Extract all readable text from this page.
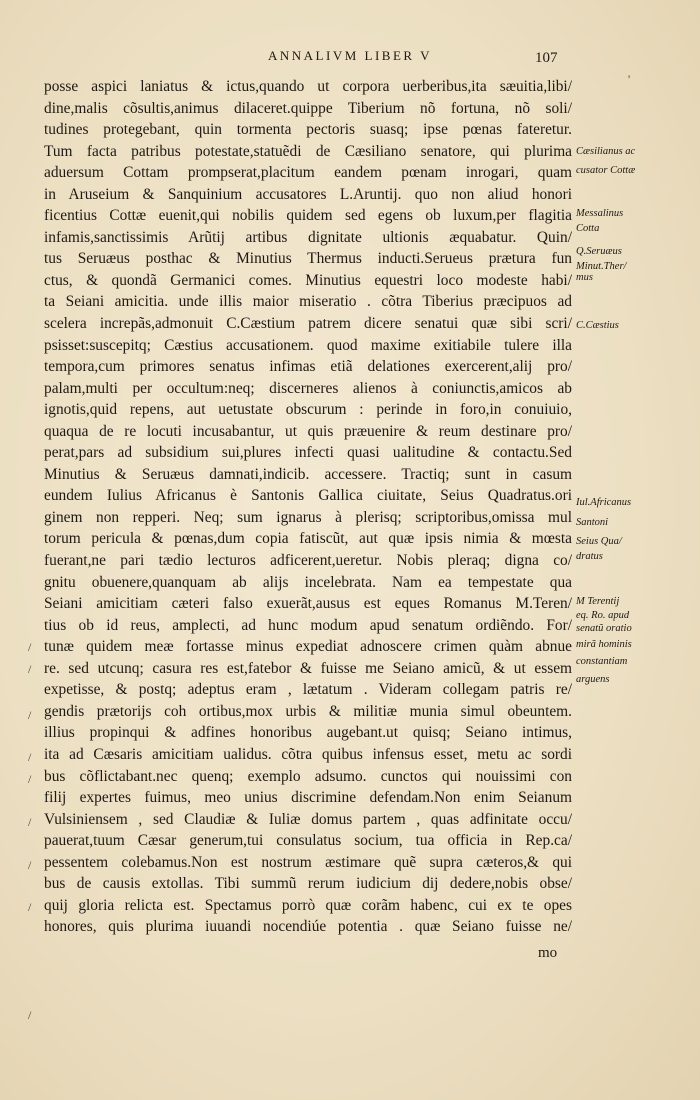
ANNALIVM LIBER V	107
'
posse aspici laniatus & ictus,quando ut corpora uerberibus,ita sæuitia,libi/
dine,malis cõsultis,animus dilaceret.quippe Tiberium nõ fortuna, nõ soli/
tudines protegebant, quin tormenta pectoris suasq; ipse pœnas fateretur.
Tum facta patribus potestate,statuẽdi de Cæsiliano senatore, qui plurima
aduersum Cottam prompserat,placitum eandem pœnam inrogari, quam
in Aruseium & Sanquinium accusatores L.Aruntij. quo non aliud honori
ficentius Cottæ euenit,qui nobilis quidem sed egens ob luxum,per flagitia
infamis,sanctissimis Arũtij artibus dignitate ultionis æquabatur. Quin/
tus Seruæus posthac & Minutius Thermus inducti.Serueus prætura fun
ctus, & quondã Germanici comes. Minutius equestri loco modeste habi/
ta Seiani amicitia. unde illis maior miseratio . cõtra Tiberius præcipuos ad
scelera increpãs,admonuit C.Cæstium patrem dicere senatui quæ sibi scri/
psisset:suscepitq; Cæstius accusationem. quod maxime exitiabile tulere illa
tempora,cum primores senatus infimas etiã delationes exercerent,alij pro/
palam,multi per occultum:neq; discerneres alienos à coniunctis,amicos ab
ignotis,quid repens, aut uetustate obscurum : perinde in foro,in conuiuio,
quaqua de re locuti incusabantur, ut quis præuenire & reum destinare pro/
perat,pars ad subsidium sui,plures infecti quasi ualitudine & contactu.Sed
Minutius & Seruæus damnati,indicib. accessere. Tractiq; sunt in casum
eundem Iulius Africanus è Santonis Gallica ciuitate, Seius Quadratus.ori
ginem non repperi. Neq; sum ignarus à plerisq; scriptoribus,omissa mul
torum pericula & pœnas,dum copia fatiscũt, aut quæ ipsis nimia & mœsta
fuerant,ne pari tædio lecturos adficerent,ueretur. Nobis pleraq; digna co/
gnitu obuenere,quanquam ab alijs incelebrata. Nam ea tempestate qua
Seiani amicitiam cæteri falso exuerãt,ausus est eques Romanus M.Teren/
tius ob id reus, amplecti, ad hunc modum apud senatum ordiẽndo. For/
tunæ quidem meæ fortasse minus expediat adnoscere crimen quàm abnue
re. sed utcunq; casura res est,fatebor & fuisse me Seiano amicũ, & ut essem
expetisse, & postq; adeptus eram , lætatum . Videram collegam patris re/
gendis prætorijs coh ortibus,mox urbis & militiæ munia simul obeuntem.
illius propinqui & adfines honoribus augebant.ut quisq; Seiano intimus,
ita ad Cæsaris amicitiam ualidus. cõtra quibus infensus esset, metu ac sordi
bus cõflictabant.nec quenq; exemplo adsumo. cunctos qui nouissimi con
filij expertes fuimus, meo unius discrimine defendam.Non enim Seianum
Vulsiniensem , sed Claudiæ & Iuliæ domus partem , quas adfinitate occu/
pauerat,tuum Cæsar generum,tui consulatus socium, tua officia in Rep.ca/
pessentem colebamus.Non est nostrum æstimare quẽ supra cæteros,& qui
bus de causis extollas. Tibi summũ rerum iudicium dij dedere,nobis obse/
quij gloria relicta est. Spectamus porrò quæ corãm habenc, cui ex te opes
honores, quis plurima iuuandi nocendiúe potentia . quæ Seiano fuisse ne/
mo
Cæsilianus ac
cusator Cottæ
Messalinus
Cotta
Q.Seruæus
Minut.Ther/
mus
C.Cæstius
Iul.Africanus
Santoni
Seius Qua/
dratus
M Terentij
eq. Ro. apud
senatũ oratio
mirã hominis
constantiam
arguens
/
/
/
/
/
/
/
/
/
